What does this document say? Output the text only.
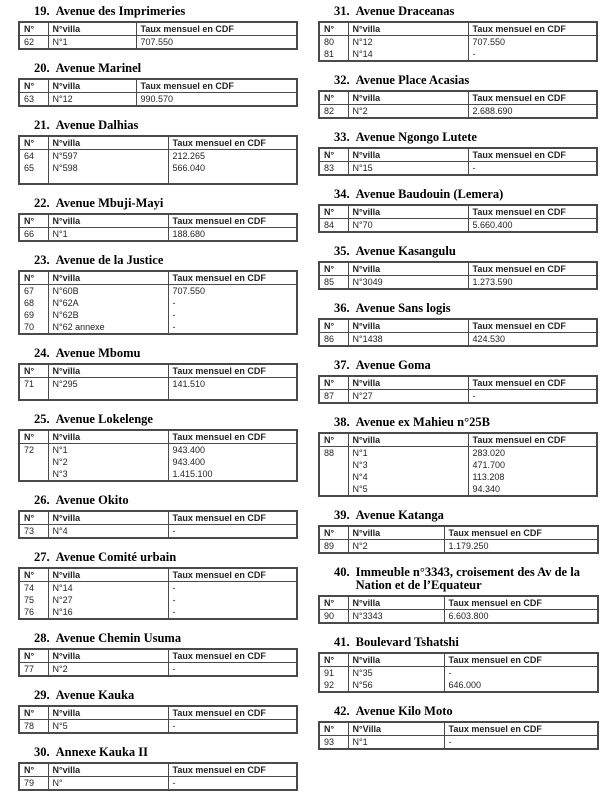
19. Avenue des Imprimeries
N°	N°villa	Taux mensuel en CDF
62	N°1	707.550
20. Avenue Marinel
N°	N°villa	Taux mensuel en CDF
63	N°12	990.570
21. Avenue Dalhias
N°	N°villa	Taux mensuel en CDF
64	N°597	212.265
65	N°598	566.040

22. Avenue Mbuji-Mayi
N°	N°villa	Taux mensuel en CDF
66	N°1	188.680
23. Avenue de la Justice
N°	N°villa	Taux mensuel en CDF
67	N°60B	707.550
68	N°62A	-
69	N°62B	-
70	N°62 annexe	-
24. Avenue Mbomu
N°	N°villa	Taux mensuel en CDF
71	N°295	141.510

25. Avenue Lokelenge
N°	N°villa	Taux mensuel en CDF
72	N°1	943.400
	N°2	943.400
	N°3	1.415.100
26. Avenue Okito
N°	N°villa	Taux mensuel en CDF
73	N°4	-
27. Avenue Comité urbain
N°	N°villa	Taux mensuel en CDF
74	N°14	-
75	N°27	-
76	N°16	-
28. Avenue Chemin Usuma
N°	N°villa	Taux mensuel en CDF
77	N°2	-
29. Avenue Kauka
N°	N°villa	Taux mensuel en CDF
78	N°5	-
30. Annexe Kauka II
N°	N°villa	Taux mensuel en CDF
79	N°	-
31. Avenue Draceanas
N°	N°villa	Taux mensuel en CDF
80	N°12	707.550
81	N°14	-
32. Avenue Place Acasias
N°	N°villa	Taux mensuel en CDF
82	N°2	2.688.690
33. Avenue Ngongo Lutete
N°	N°villa	Taux mensuel en CDF
83	N°15	-
34. Avenue Baudouin (Lemera)
N°	N°villa	Taux mensuel en CDF
84	N°70	5.660.400
35. Avenue Kasangulu
N°	N°villa	Taux mensuel en CDF
85	N°3049	1.273.590
36. Avenue Sans logis
N°	N°villa	Taux mensuel en CDF
86	N°1438	424.530
37. Avenue Goma
N°	N°villa	Taux mensuel en CDF
87	N°27	-
38. Avenue ex Mahieu n°25B
N°	N°villa	Taux mensuel en CDF
88	N°1	283.020
	N°3	471.700
	N°4	113.208
	N°5	94.340
39. Avenue Katanga
N°	N°villa	Taux mensuel en CDF
89	N°2	1.179.250
40. Immeuble n°3343, croisement des Av de la Nation et de l’Equateur
N°	N°villa	Taux mensuel en CDF
90	N°3343	6.603.800
41. Boulevard Tshatshi
N°	N°villa	Taux mensuel en CDF
91	N°35	-
92	N°56	646.000
42. Avenue Kilo Moto
N°	N°Villa	Taux mensuel en CDF
93	N°1	-
